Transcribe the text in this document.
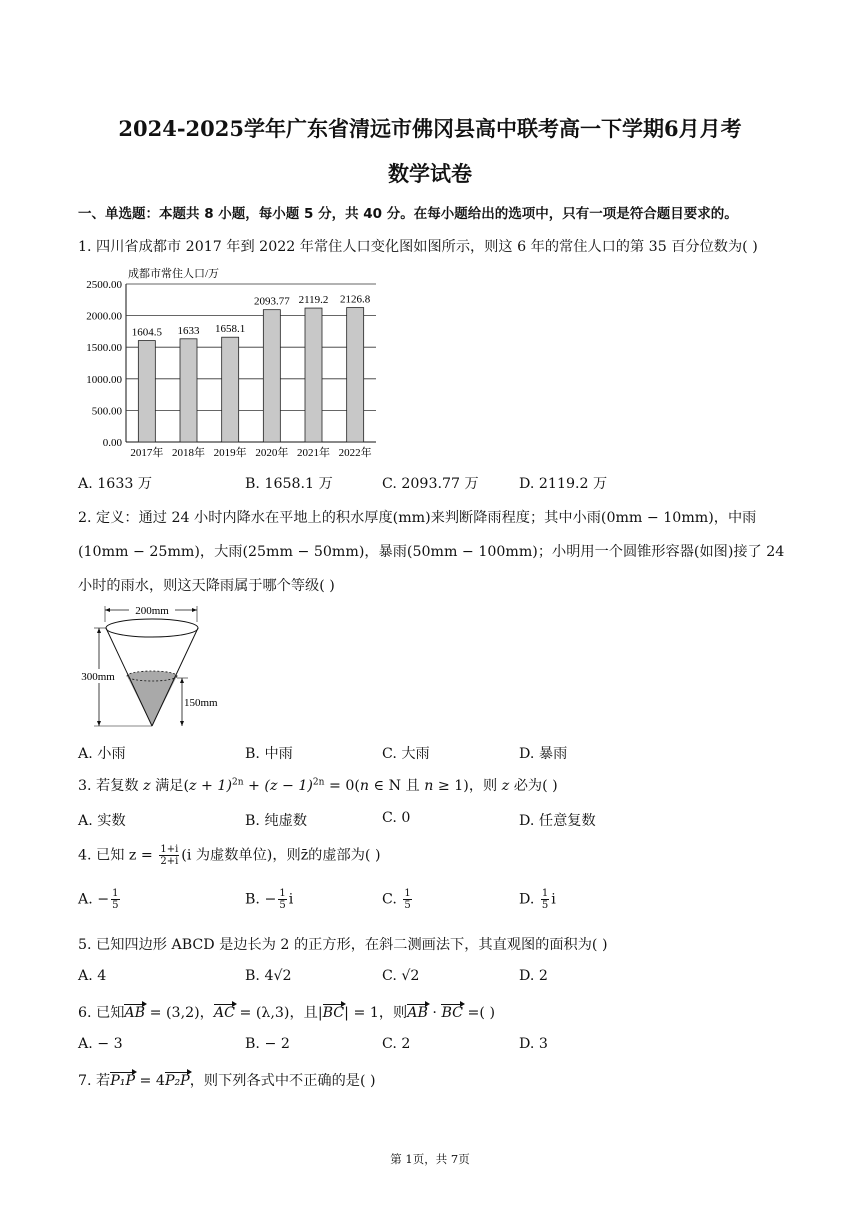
2024-2025学年广东省清远市佛冈县高中联考高一下学期6月月考
数学试卷
一、单选题：本题共 8 小题，每小题 5 分，共 40 分。在每小题给出的选项中，只有一项是符合题目要求的。
1. 四川省成都市 2017 年到 2022 年常住人口变化图如图所示，则这 6 年的常住人口的第 35 百分位数为( )
成都市常住人口/万
0.00
500.00
1000.00
1500.00
2000.00
2500.00
1604.5
2017年
1633
2018年
1658.1
2019年
2093.77
2020年
2119.2
2021年
2126.8
2022年
A. 1633 万	B. 1658.1 万	C. 2093.77 万	D. 2119.2 万
2. 定义：通过 24 小时内降水在平地上的积水厚度(mm)来判断降雨程度；其中小雨(0mm − 10mm)，中雨
(10mm − 25mm)，大雨(25mm − 50mm)，暴雨(50mm − 100mm)；小明用一个圆锥形容器(如图)接了 24
小时的雨水，则这天降雨属于哪个等级( )
200mm
300mm
150mm
A. 小雨	B. 中雨	C. 大雨	D. 暴雨
3. 若复数 z 满足$(z + 1)^{2n} + (z - 1)^{2n} = 0(n$ ∈ N 且 n ≥ 1)，则 z 必为( )
A. 实数	B. 纯虚数	C. 0	D. 任意复数
4. 已知 $z = \frac{1+i}{2+i} (i$ 为虚数单位)，则z̄的虚部为( )
A. − $\frac{1}{5}$	B. − $\frac{1}{5}$ i	C. $\frac{1}{5}$	D. $\frac{1}{5}$ i
5. 已知四边形 ABCD 是边长为 2 的正方形，在斜二测画法下，其直观图的面积为( )
A. 4	B. 4√2	C. √2	D. 2
6. 已知AB = (3,2)，AC = (λ,3)，且|BC| = 1，则AB · BC =( )
A. − 3	B. − 2	C. 2	D. 3
7. 若P₁P = 4P₂P，则下列各式中不正确的是( )
第 1页，共 7页
